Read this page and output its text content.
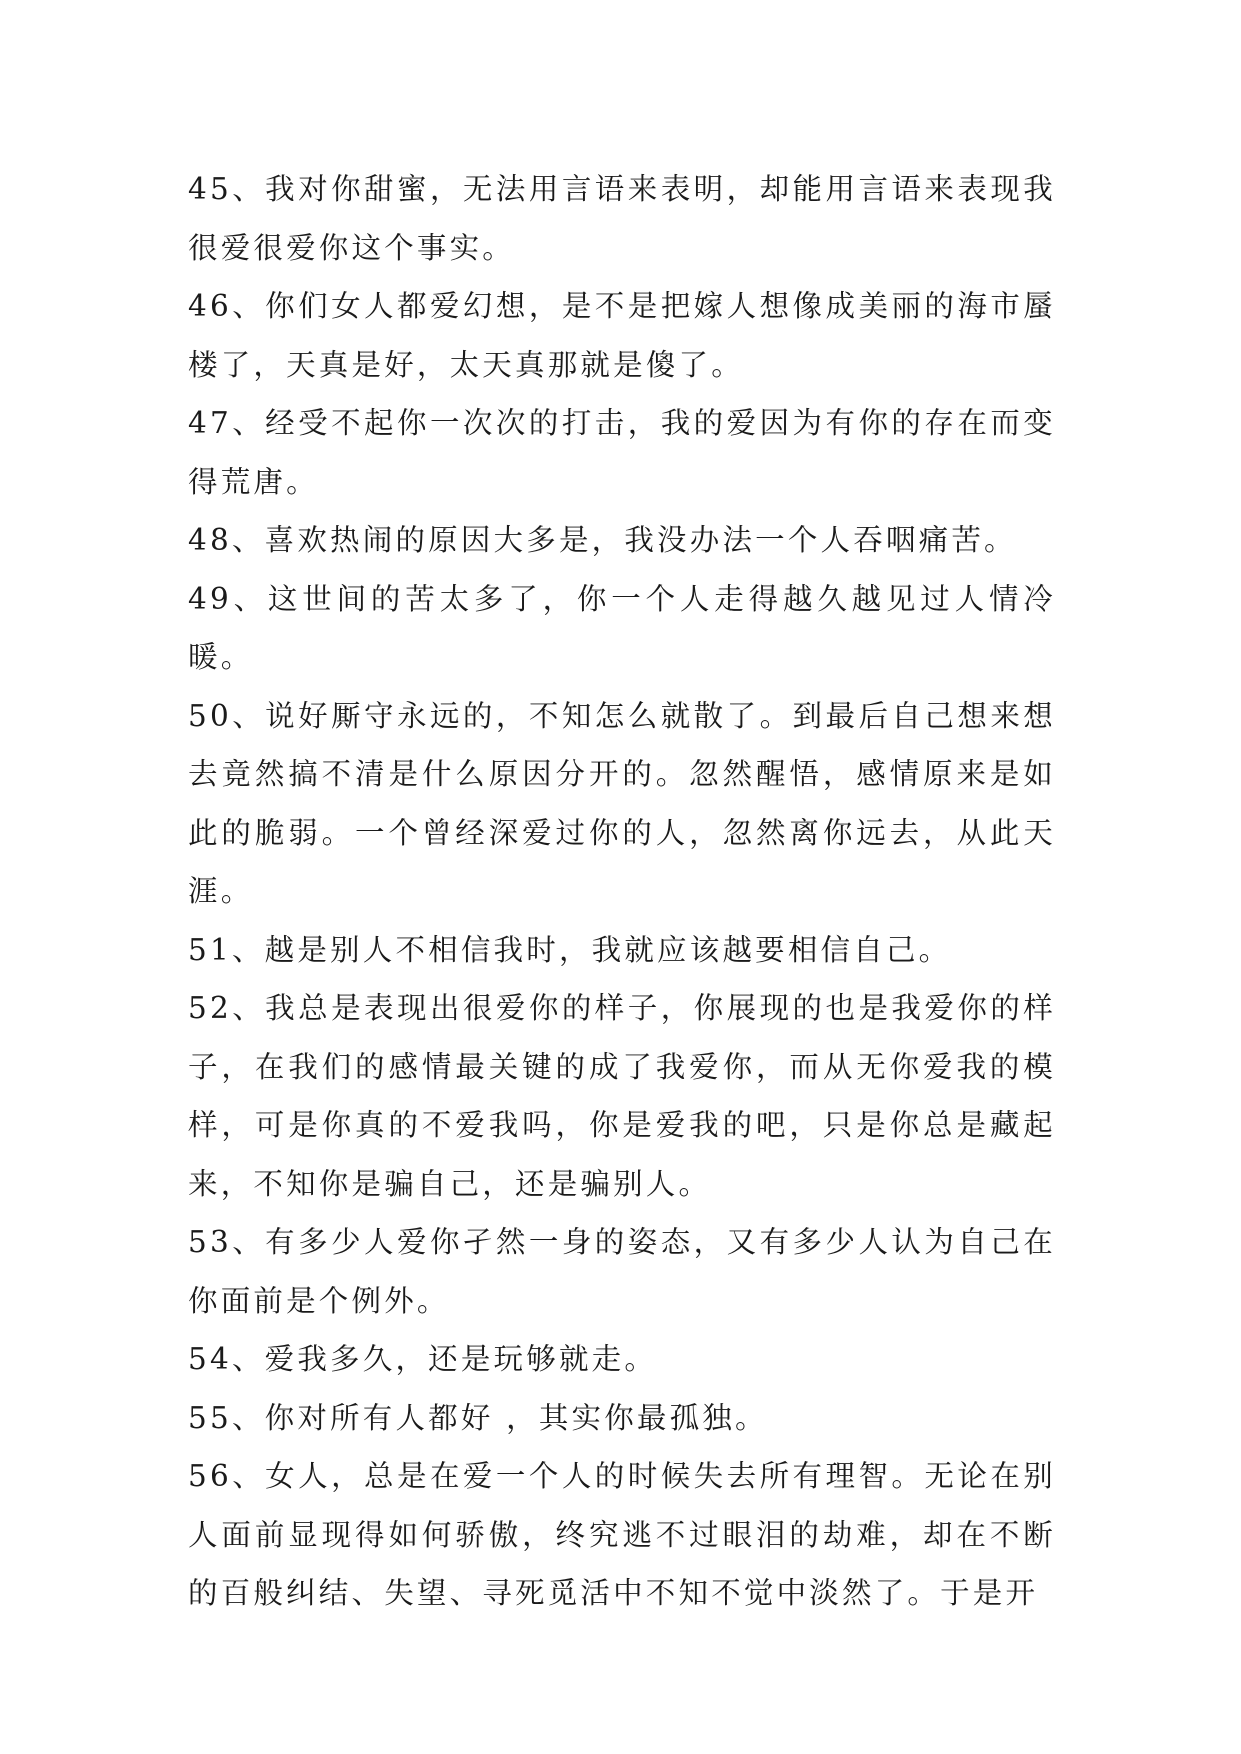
45、我对你甜蜜，无法用言语来表明，却能用言语来表现我很爱很爱你这个事实。

46、你们女人都爱幻想，是不是把嫁人想像成美丽的海市蜃楼了，天真是好，太天真那就是傻了。

47、经受不起你一次次的打击，我的爱因为有你的存在而变得荒唐。

48、喜欢热闹的原因大多是，我没办法一个人吞咽痛苦。

49、这世间的苦太多了，你一个人走得越久越见过人情冷暖。

50、说好厮守永远的，不知怎么就散了。到最后自己想来想去竟然搞不清是什么原因分开的。忽然醒悟，感情原来是如此的脆弱。一个曾经深爱过你的人，忽然离你远去，从此天涯。

51、越是别人不相信我时，我就应该越要相信自己。

52、我总是表现出很爱你的样子，你展现的也是我爱你的样子，在我们的感情最关键的成了我爱你，而从无你爱我的模样，可是你真的不爱我吗，你是爱我的吧，只是你总是藏起来，不知你是骗自己，还是骗别人。

53、有多少人爱你孑然一身的姿态，又有多少人认为自己在你面前是个例外。

54、爱我多久，还是玩够就走。

55、你对所有人都好 ，其实你最孤独。

56、女人，总是在爱一个人的时候失去所有理智。无论在别人面前显现得如何骄傲，终究逃不过眼泪的劫难，却在不断的百般纠结、失望、寻死觅活中不知不觉中淡然了。于是开
